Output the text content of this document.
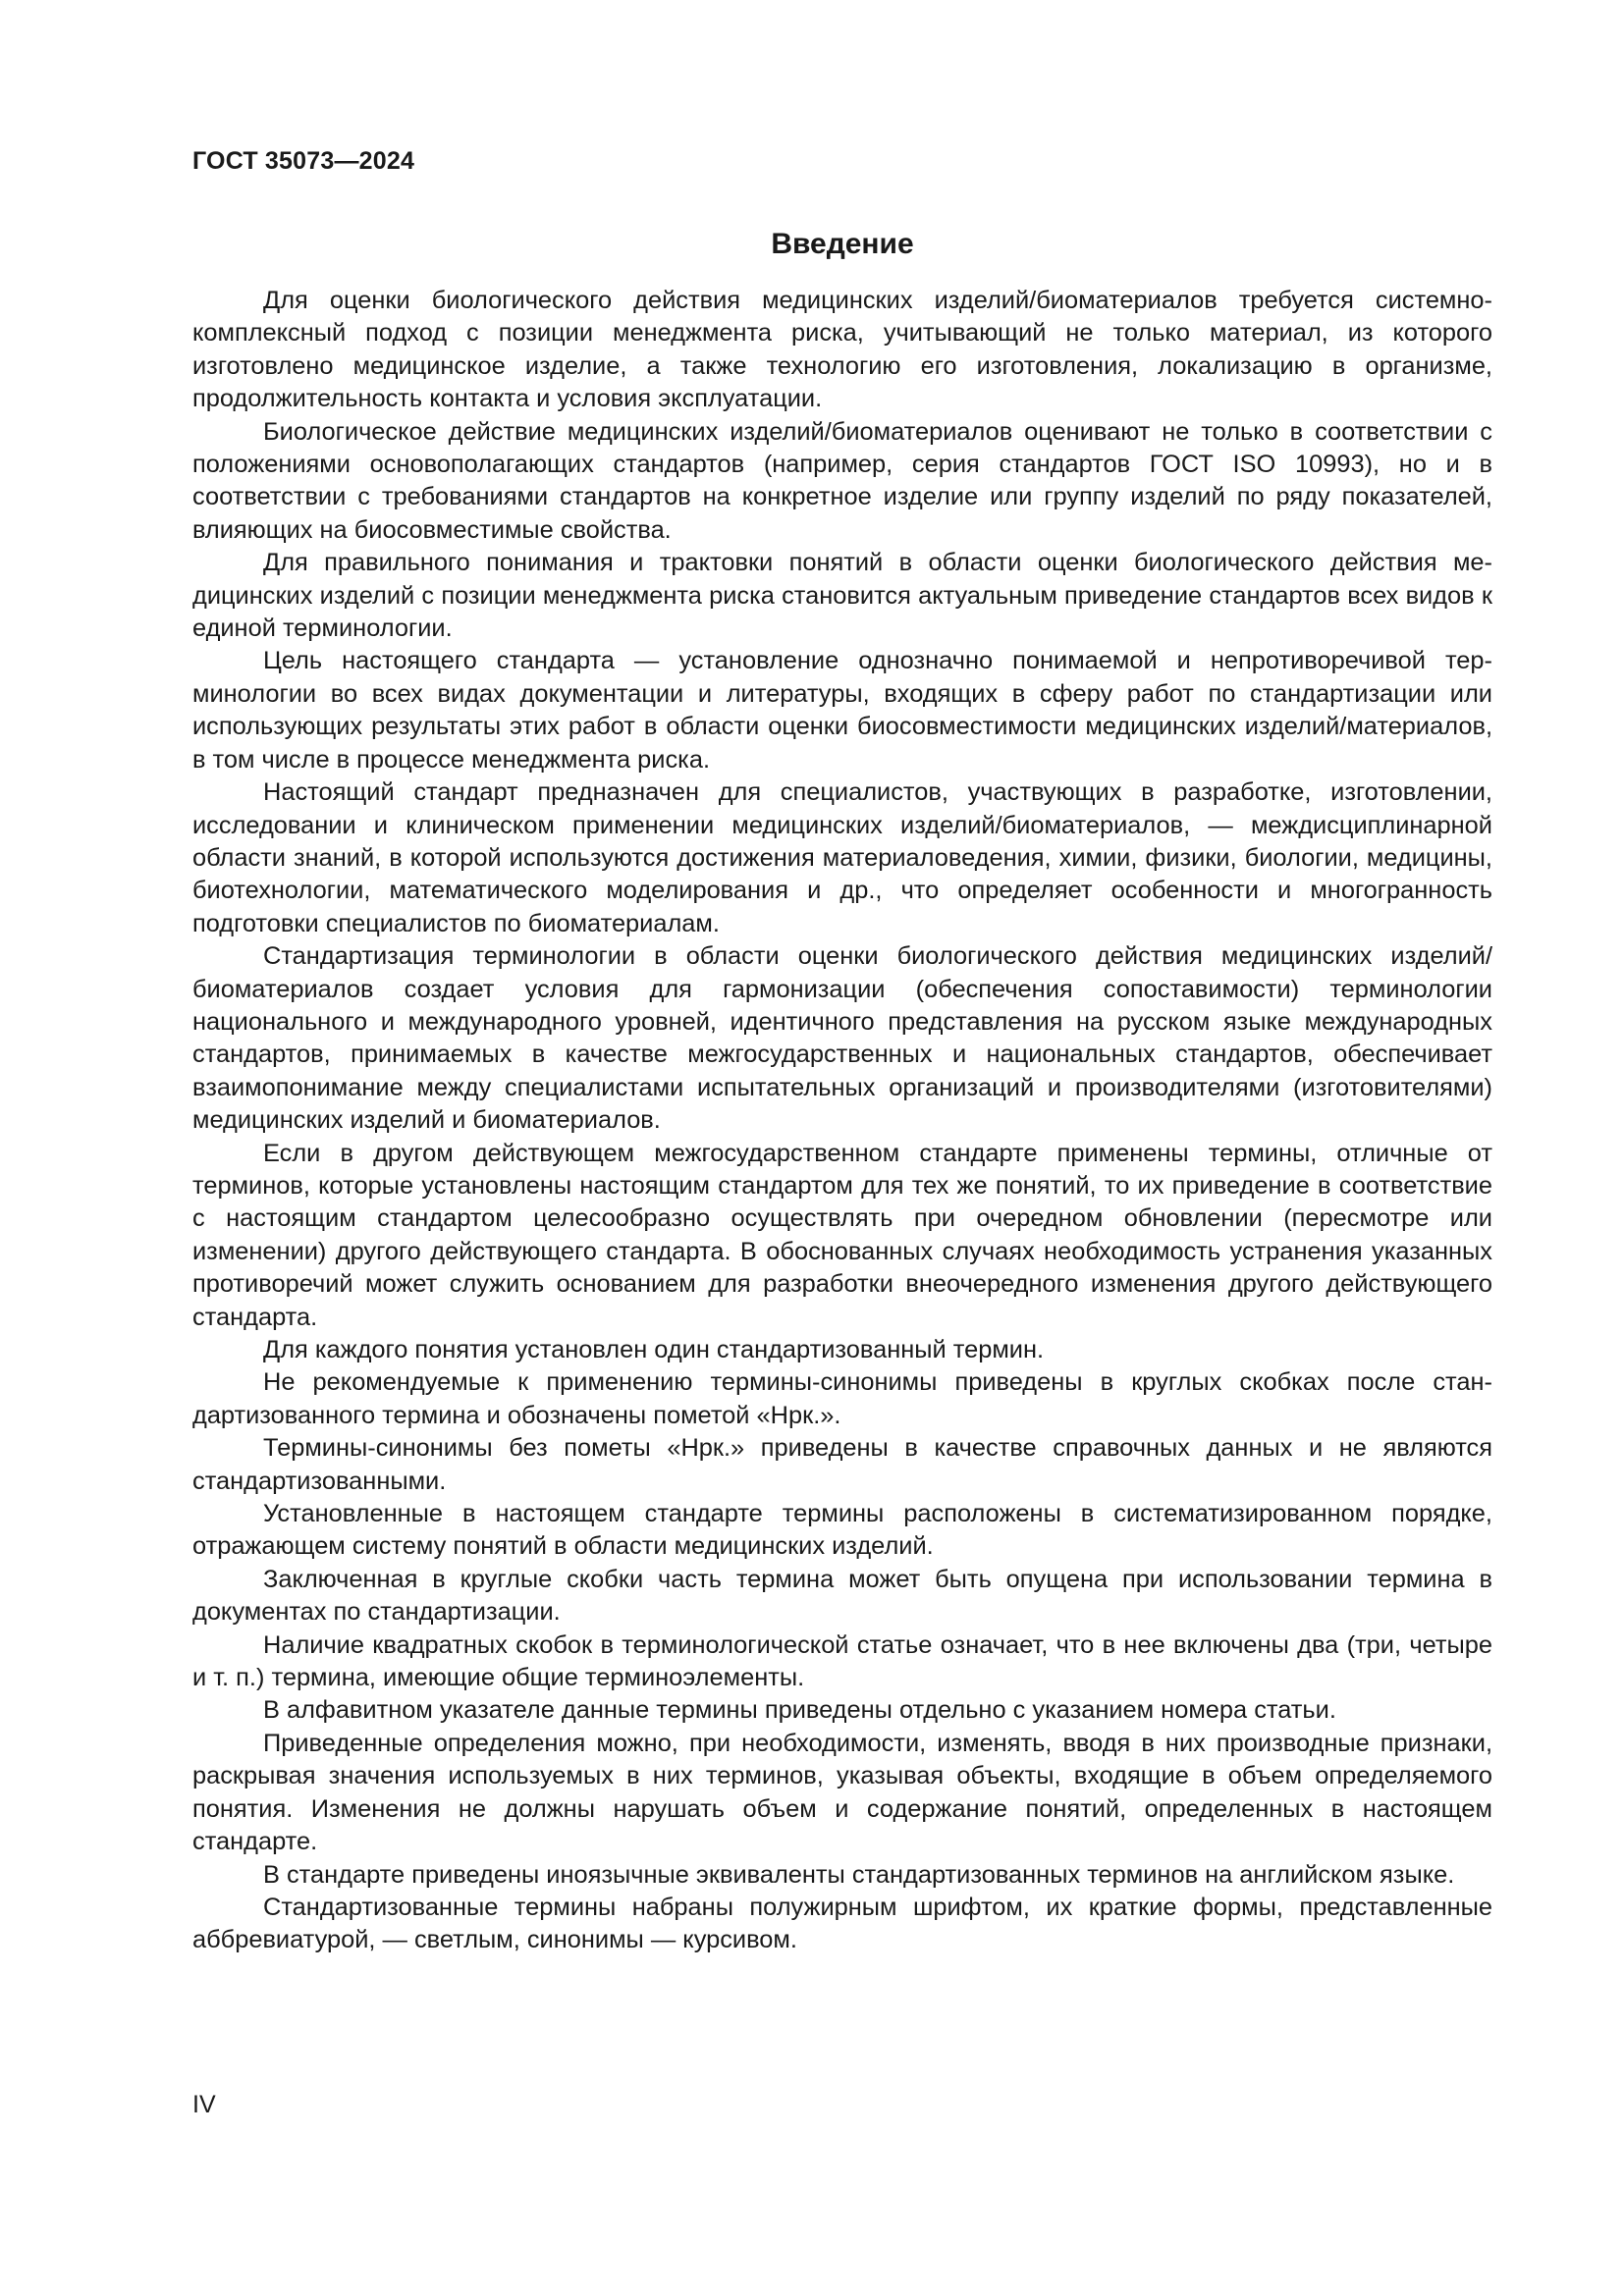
ГОСТ 35073—2024
Введение

Для оценки биологического действия медицинских изделий/биоматериалов требуется системно-комплексный подход с позиции менеджмента риска, учитывающий не только материал, из которого изготовлено медицинское изделие, а также технологию его изготовления, локализацию в организме, продолжительность контакта и условия эксплуатации.

Биологическое действие медицинских изделий/биоматериалов оценивают не только в соответствии с положениями основополагающих стандартов (например, серия стандартов ГОСТ ISO 10993), но и в соответствии с требованиями стандартов на конкретное изделие или группу изделий по ряду показателей, влияющих на биосовместимые свойства.

Для правильного понимания и трактовки понятий в области оценки биологического действия медицинских изделий с позиции менеджмента риска становится актуальным приведение стандартов всех видов к единой терминологии.

Цель настоящего стандарта — установление однозначно понимаемой и непротиворечивой терминологии во всех видах документации и литературы, входящих в сферу работ по стандартизации или использующих результаты этих работ в области оценки биосовместимости медицинских изделий/материалов, в том числе в процессе менеджмента риска.

Настоящий стандарт предназначен для специалистов, участвующих в разработке, изготовлении, исследовании и клиническом применении медицинских изделий/биоматериалов, — междисциплинарной области знаний, в которой используются достижения материаловедения, химии, физики, биологии, медицины, биотехнологии, математического моделирования и др., что определяет особенности и многогранность подготовки специалистов по биоматериалам.

Стандартизация терминологии в области оценки биологического действия медицинских изделий/биоматериалов создает условия для гармонизации (обеспечения сопоставимости) терминологии национального и международного уровней, идентичного представления на русском языке международных стандартов, принимаемых в качестве межгосударственных и национальных стандартов, обеспечивает взаимопонимание между специалистами испытательных организаций и производителями (изготовителями) медицинских изделий и биоматериалов.

Если в другом действующем межгосударственном стандарте применены термины, отличные от терминов, которые установлены настоящим стандартом для тех же понятий, то их приведение в соответствие с настоящим стандартом целесообразно осуществлять при очередном обновлении (пересмотре или изменении) другого действующего стандарта. В обоснованных случаях необходимость устранения указанных противоречий может служить основанием для разработки внеочередного изменения другого действующего стандарта.

Для каждого понятия установлен один стандартизованный термин.

Не рекомендуемые к применению термины-синонимы приведены в круглых скобках после стандартизованного термина и обозначены пометой «Нрк.».

Термины-синонимы без пометы «Нрк.» приведены в качестве справочных данных и не являются стандартизованными.

Установленные в настоящем стандарте термины расположены в систематизированном порядке, отражающем систему понятий в области медицинских изделий.

Заключенная в круглые скобки часть термина может быть опущена при использовании термина в документах по стандартизации.

Наличие квадратных скобок в терминологической статье означает, что в нее включены два (три, четыре и т. п.) термина, имеющие общие терминоэлементы.

В алфавитном указателе данные термины приведены отдельно с указанием номера статьи.

Приведенные определения можно, при необходимости, изменять, вводя в них производные признаки, раскрывая значения используемых в них терминов, указывая объекты, входящие в объем определяемого понятия. Изменения не должны нарушать объем и содержание понятий, определенных в настоящем стандарте.

В стандарте приведены иноязычные эквиваленты стандартизованных терминов на английском языке.

Стандартизованные термины набраны полужирным шрифтом, их краткие формы, представленные аббревиатурой, — светлым, синонимы — курсивом.

IV
